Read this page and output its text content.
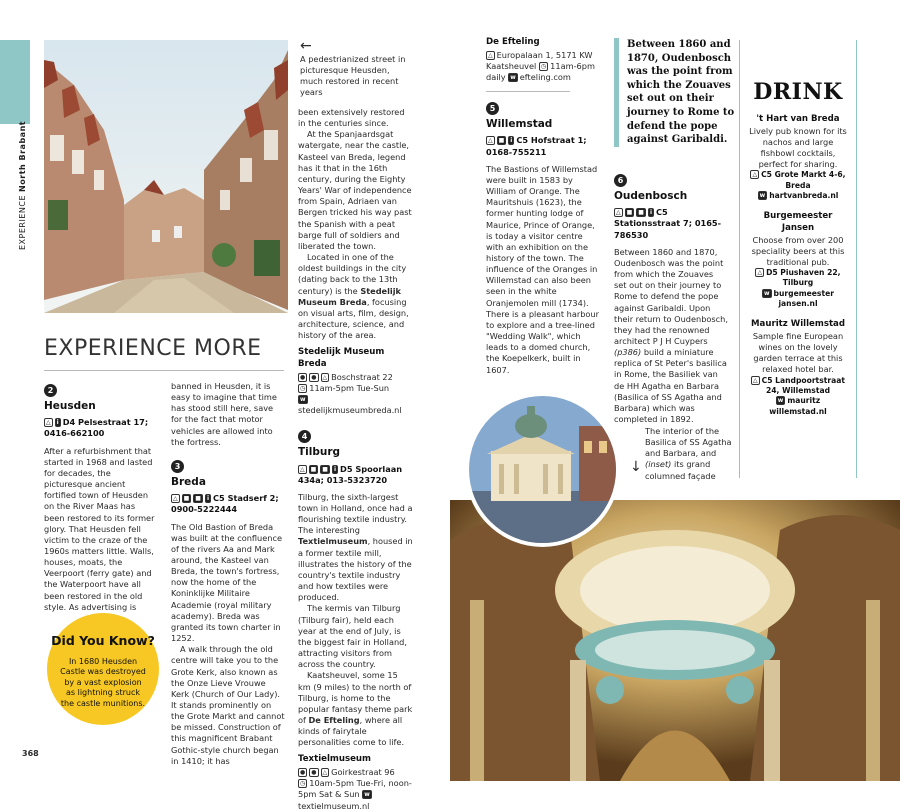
EXPERIENCE North Brabant
←

A pedestrianized street in picturesque Heusden, much restored in recent years

EXPERIENCE MORE
2
Heusden
△ i D4 Pelsestraat 17; 0416-662100

After a refurbishment that started in 1968 and lasted for decades, the picturesque ancient fortified town of Heusden on the River Maas has been restored to its former glory. That Heusden fell victim to the craze of the 1960s matters little. Walls, houses, moats, the Veerpoort (ferry gate) and the Waterpoort have all been restored in the old style. As advertising is

banned in Heusden, it is easy to imagine that time has stood still here, save for the fact that motor vehicles are allowed into the fortress.

3
Breda
△ ■ ■ i C5 Stadserf 2; 0900-5222444

The Old Bastion of Breda was built at the confluence of the rivers Aa and Mark around, the Kasteel van Breda, the town's fortress, now the home of the Koninklijke Militaire Academie (royal military academy). Breda was granted its town charter in 1252.

A walk through the old centre will take you to the Grote Kerk, also known as the Onze Lieve Vrouwe Kerk (Church of Our Lady). It stands prominently on the Grote Markt and cannot be missed. Construction of this magnificent Brabant Gothic-style church began in 1410; it has

been extensively restored in the centuries since.

At the Spanjaardsgat watergate, near the castle, Kasteel van Breda, legend has it that in the 16th century, during the Eighty Years' War of independence from Spain, Adriaen van Bergen tricked his way past the Spanish with a peat barge full of soldiers and liberated the town.

Located in one of the oldest buildings in the city (dating back to the 13th century) is the Stedelijk Museum Breda, focusing on visual arts, film, design, architecture, science, and history of the area.

Stedelijk Museum Breda
● ● △ Boschstraat 22
◷ 11am-5pm Tue-Sun
wstedelijkmuseumbreda.nl
4
Tilburg
△ ■ ■ i D5 Spoorlaan 434a; 013-5323720

Tilburg, the sixth-largest town in Holland, once had a flourishing textile industry. The interesting Textielmuseum, housed in a former textile mill, illustrates the history of the country's textile industry and how textiles were produced.

The kermis van Tilburg (Tilburg fair), held each year at the end of July, is the biggest fair in Holland, attracting visitors from across the country.

Kaatsheuvel, some 15 km (9 miles) to the north of Tilburg, is home to the popular fantasy theme park of De Efteling, where all kinds of fairytale personalities come to life.

Textielmuseum
● ● △ Goirkestraat 96
◷ 10am-5pm Tue-Fri, noon-5pm Sat & Sun wtextielmuseum.nl
De Efteling
△ Europalaan 1, 5171 KW Kaatsheuvel ◷ 11am-6pm daily w efteling.com
5
Willemstad
△ ■ i C5 Hofstraat 1; 0168-755211

The Bastions of Willemstad were built in 1583 by William of Orange. The Mauritshuis (1623), the former hunting lodge of Maurice, Prince of Orange, is today a visitor centre with an exhibition on the history of the town. The influence of the Oranges in Willemstad can also been seen in the white Oranjemolen mill (1734). There is a pleasant harbour to explore and a tree-lined "Wedding Walk", which leads to a domed church, the Koepelkerk, built in 1607.

Between 1860 and 1870, Oudenbosch was the point from which the Zouaves set out on their journey to Rome to defend the pope against Garibaldi.
6
Oudenbosch
△ ■ ■ i C5 Stationsstraat 7; 0165-786530

Between 1860 and 1870, Oudenbosch was the point from which the Zouaves set out on their journey to Rome to defend the pope against Garibaldi. Upon their return to Oudenbosch, they had the renowned architect P J H Cuypers (p386) build a miniature replica of St Peter's basilica in Rome, the Basiliek van de HH Agatha en Barbara (Basilica of SS Agatha and Barbara) which was completed in 1892.

DRINK
't Hart van Breda
Lively pub known for its nachos and large fishbowl cocktails, perfect for sharing.
△ C5 Grote Markt 4-6, Breda
w hartvanbreda.nl
Burgemeester Jansen
Choose from over 200 speciality beers at this traditional pub.
△ D5 Piushaven 22, Tilburg
w burgemeester jansen.nl
Mauritz Willemstad
Sample fine European wines on the lovely garden terrace at this relaxed hotel bar.
△ C5 Landpoortstraat 24, Willemstad
w mauritz willemstad.nl
The interior of the Basilica of SS Agatha and Barbara, and (inset) its grand columned façade
↓
Did You Know?
In 1680 Heusden Castle was destroyed by a vast explosion as lightning struck the castle munitions.
368
